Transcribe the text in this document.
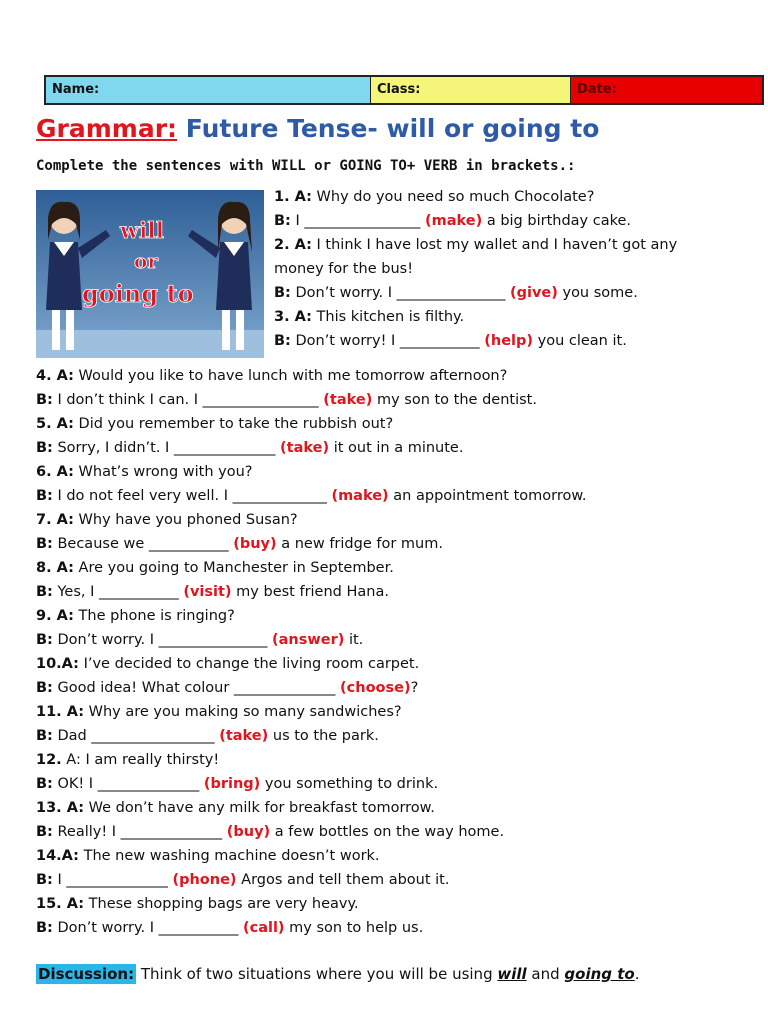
Name:	Class:	Date:
Grammar: Future Tense- will or going to
Complete the sentences with WILL or GOING TO+ VERB in brackets.:
will
or
going to
1. A: Why do you need so much Chocolate?
B: I ________________ (make) a big birthday cake.
2. A: I think I have lost my wallet and I haven’t got any
money for the bus!
B: Don’t worry. I _______________ (give) you some.
3. A: This kitchen is filthy.
B: Don’t worry! I ___________ (help) you clean it.
4. A: Would you like to have lunch with me tomorrow afternoon?
B: I don’t think I can. I ________________ (take) my son to the dentist.
5. A: Did you remember to take the rubbish out?
B: Sorry, I didn’t. I ______________ (take) it out in a minute.
6. A: What’s wrong with you?
B: I do not feel very well. I _____________ (make) an appointment tomorrow.
7. A: Why have you phoned Susan?
B: Because we ___________ (buy) a new fridge for mum.
8. A: Are you going to Manchester in September.
B: Yes, I ___________ (visit) my best friend Hana.
9. A: The phone is ringing?
B: Don’t worry. I _______________ (answer) it.
10.A: I’ve decided to change the living room carpet.
B: Good idea! What colour ______________ (choose)?
11. A: Why are you making so many sandwiches?
B: Dad _________________ (take) us to the park.
12. A: I am really thirsty!
B: OK! I ______________ (bring) you something to drink.
13. A: We don’t have any milk for breakfast tomorrow.
B: Really! I ______________ (buy) a few bottles on the way home.
14.A: The new washing machine doesn’t work.
B: I ______________ (phone) Argos and tell them about it.
15. A: These shopping bags are very heavy.
B: Don’t worry. I ___________ (call) my son to help us.
Discussion: Think of two situations where you will be using will and going to.
